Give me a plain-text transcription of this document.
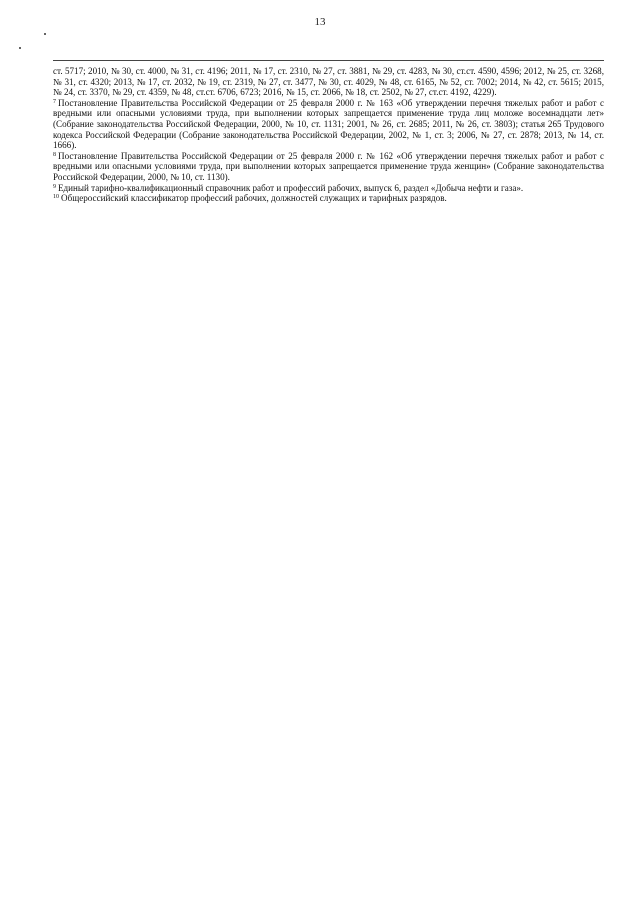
13

ст. 5717; 2010, № 30, ст. 4000, № 31, ст. 4196; 2011, № 17, ст. 2310, № 27, ст. 3881, № 29, ст. 4283, № 30, ст.ст. 4590, 4596; 2012, № 25, ст. 3268, № 31, ст. 4320; 2013, № 17, ст. 2032, № 19, ст. 2319, № 27, ст. 3477, № 30, ст. 4029, № 48, ст. 6165, № 52, ст. 7002; 2014, № 42, ст. 5615; 2015, № 24, ст. 3370, № 29, ст. 4359, № 48, ст.ст. 6706, 6723; 2016, № 15, ст. 2066, № 18, ст. 2502, № 27, ст.ст. 4192, 4229).

$^7$ Постановление Правительства Российской Федерации от 25 февраля 2000 г. № 163 «Об утверждении перечня тяжелых работ и работ с вредными или опасными условиями труда, при выполнении которых запрещается применение труда лиц моложе восемнадцати лет» (Собрание законодательства Российской Федерации, 2000, № 10, ст. 1131; 2001, № 26, ст. 2685; 2011, № 26, ст. 3803); статья 265 Трудового кодекса Российской Федерации (Собрание законодательства Российской Федерации, 2002, № 1, ст. 3; 2006, № 27, ст. 2878; 2013, № 14, ст. 1666).

$^8$ Постановление Правительства Российской Федерации от 25 февраля 2000 г. № 162 «Об утверждении перечня тяжелых работ и работ с вредными или опасными условиями труда, при выполнении которых запрещается применение труда женщин» (Собрание законодательства Российской Федерации, 2000, № 10, ст. 1130).

$^9$ Единый тарифно-квалификационный справочник работ и профессий рабочих, выпуск 6, раздел «Добыча нефти и газа».

$^{10}$ Общероссийский классификатор профессий рабочих, должностей служащих и тарифных разрядов.
